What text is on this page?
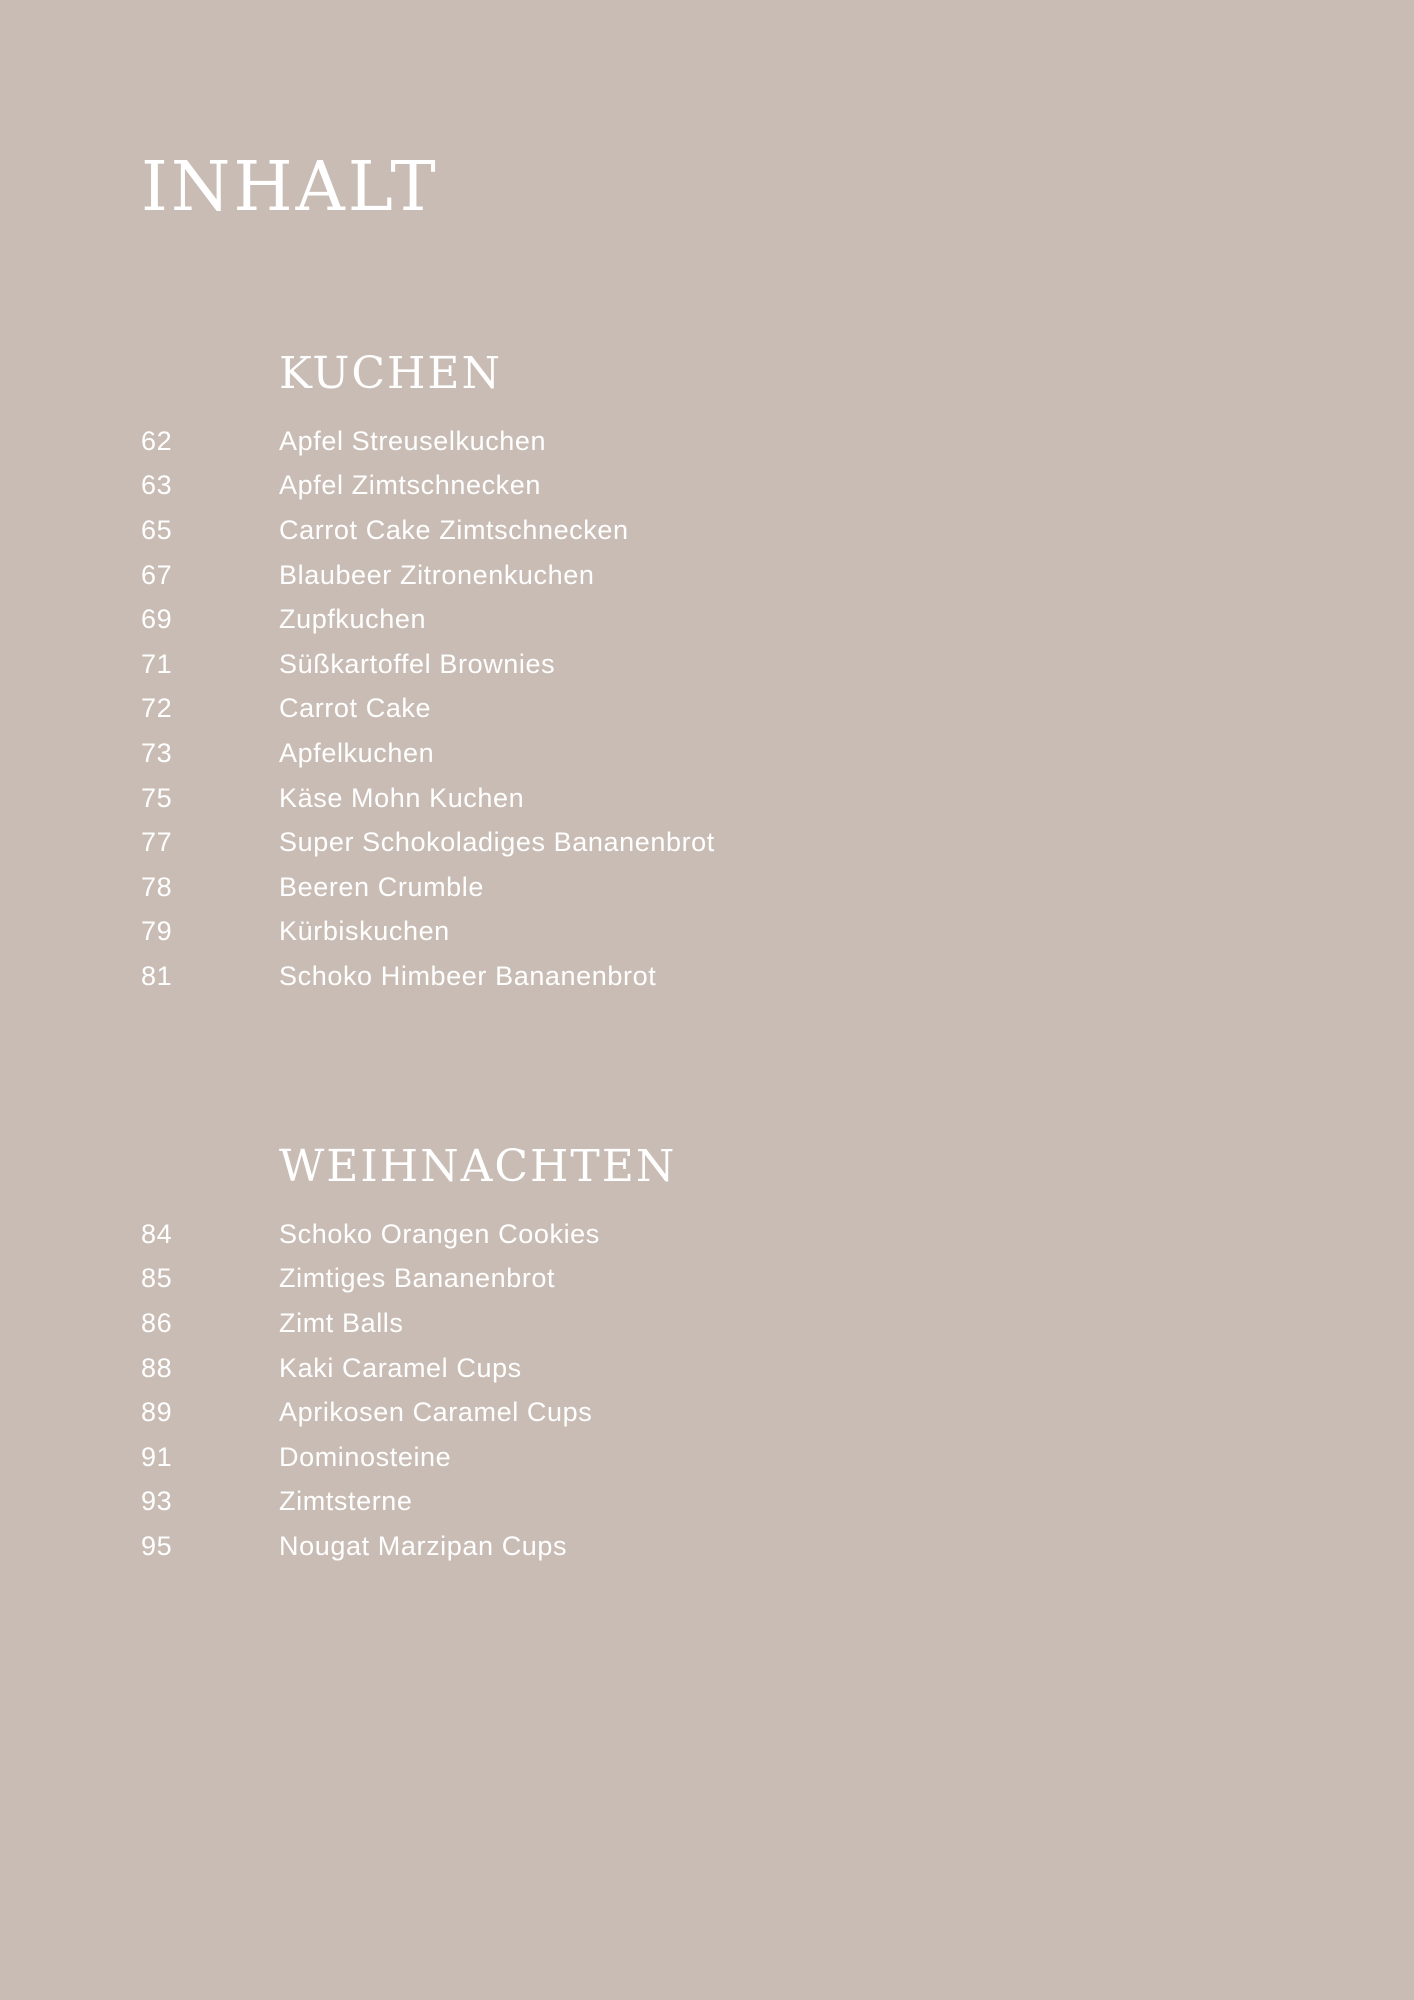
INHALT
KUCHEN
62	Apfel Streuselkuchen
63	Apfel Zimtschnecken
65	Carrot Cake Zimtschnecken
67	Blaubeer Zitronenkuchen
69	Zupfkuchen
71	Süßkartoffel Brownies
72	Carrot Cake
73	Apfelkuchen
75	Käse Mohn Kuchen
77	Super Schokoladiges Bananenbrot
78	Beeren Crumble
79	Kürbiskuchen
81	Schoko Himbeer Bananenbrot
WEIHNACHTEN
84	Schoko Orangen Cookies
85	Zimtiges Bananenbrot
86	Zimt Balls
88	Kaki Caramel Cups
89	Aprikosen Caramel Cups
91	Dominosteine
93	Zimtsterne
95	Nougat Marzipan Cups
